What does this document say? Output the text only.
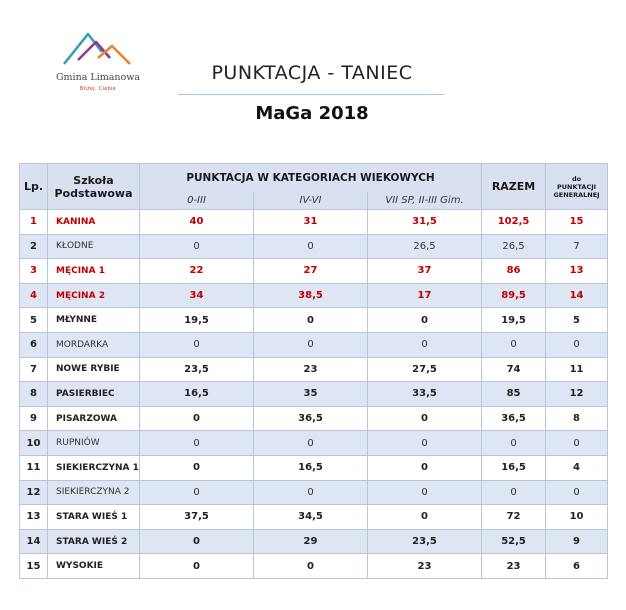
Gmina Limanowa
Bliżej. Ciebie
PUNKTACJA - TANIEC
MaGa 2018
Lp.	Szkoła Podstawowa	PUNKTACJA W KATEGORIACH WIEKOWYCH			RAZEM	do
PUNKTACJI
GENERALNEJ
		0-III	IV-VI	VII SP, II-III Gim.		
1	KANINA	40	31	31,5	102,5	15
2	KŁODNE	0	0	26,5	26,5	7
3	MĘCINA 1	22	27	37	86	13
4	MĘCINA 2	34	38,5	17	89,5	14
5	MŁYNNE	19,5	0	0	19,5	5
6	MORDARKA	0	0	0	0	0
7	NOWE RYBIE	23,5	23	27,5	74	11
8	PASIERBIEC	16,5	35	33,5	85	12
9	PISARZOWA	0	36,5	0	36,5	8
10	RUPNIÓW	0	0	0	0	0
11	SIEKIERCZYNA 1	0	16,5	0	16,5	4
12	SIEKIERCZYNA 2	0	0	0	0	0
13	STARA WIEŚ 1	37,5	34,5	0	72	10
14	STARA WIEŚ 2	0	29	23,5	52,5	9
15	WYSOKIE	0	0	23	23	6
